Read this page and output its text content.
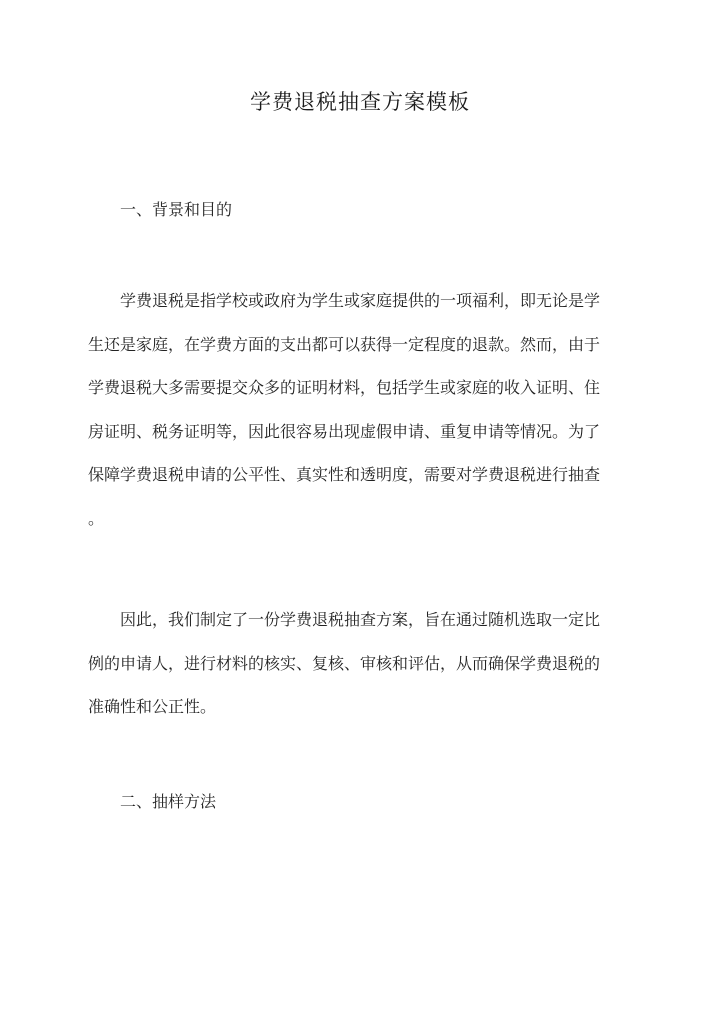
学费退税抽查方案模板
一、背景和目的
学费退税是指学校或政府为学生或家庭提供的一项福利，即无论是学
生还是家庭，在学费方面的支出都可以获得一定程度的退款。然而，由于
学费退税大多需要提交众多的证明材料，包括学生或家庭的收入证明、住
房证明、税务证明等，因此很容易出现虚假申请、重复申请等情况。为了
保障学费退税申请的公平性、真实性和透明度，需要对学费退税进行抽查
。
因此，我们制定了一份学费退税抽查方案，旨在通过随机选取一定比
例的申请人，进行材料的核实、复核、审核和评估，从而确保学费退税的
准确性和公正性。
二、抽样方法
